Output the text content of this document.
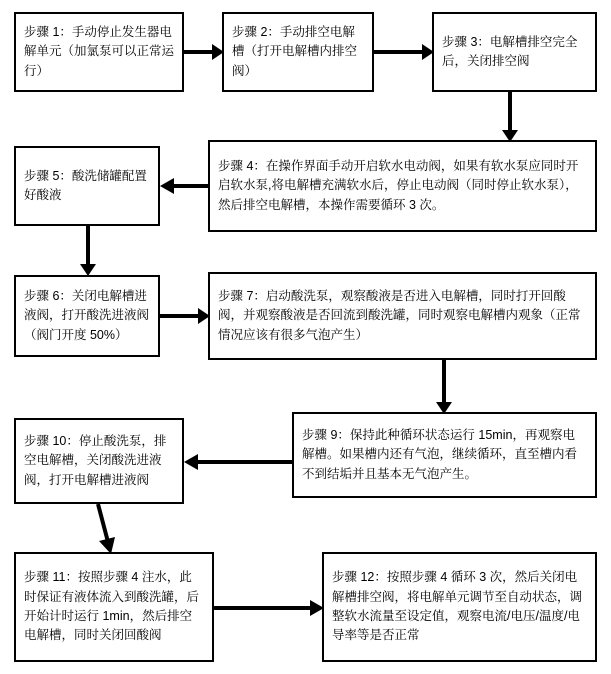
步骤 1：手动停止发生器电解单元（加氯泵可以正常运行）
步骤 2：手动排空电解槽（打开电解槽内排空阀）
步骤 3：电解槽排空完全后，关闭排空阀
步骤 5：酸洗储罐配置好酸液
步骤 4：在操作界面手动开启软水电动阀，如果有软水泵应同时开启软水泵,将电解槽充满软水后，停止电动阀（同时停止软水泵），然后排空电解槽，本操作需要循环 3 次。
步骤 6：关闭电解槽进液阀，打开酸洗进液阀（阀门开度 50%）
步骤 7：启动酸洗泵，观察酸液是否进入电解槽，同时打开回酸阀，并观察酸液是否回流到酸洗罐，同时观察电解槽内观象（正常情况应该有很多气泡产生）
步骤 10：停止酸洗泵，排空电解槽，关闭酸洗进液阀，打开电解槽进液阀
步骤 9：保持此种循环状态运行 15min，再观察电解槽。如果槽内还有气泡，继续循环，直至槽内看不到结垢并且基本无气泡产生。
步骤 11：按照步骤 4 注水，此时保证有液体流入到酸洗罐，后开始计时运行 1min，然后排空电解槽，同时关闭回酸阀
步骤 12：按照步骤 4 循环 3 次，然后关闭电解槽排空阀，将电解单元调节至自动状态，调整软水流量至设定值，观察电流/电压/温度/电导率等是否正常
